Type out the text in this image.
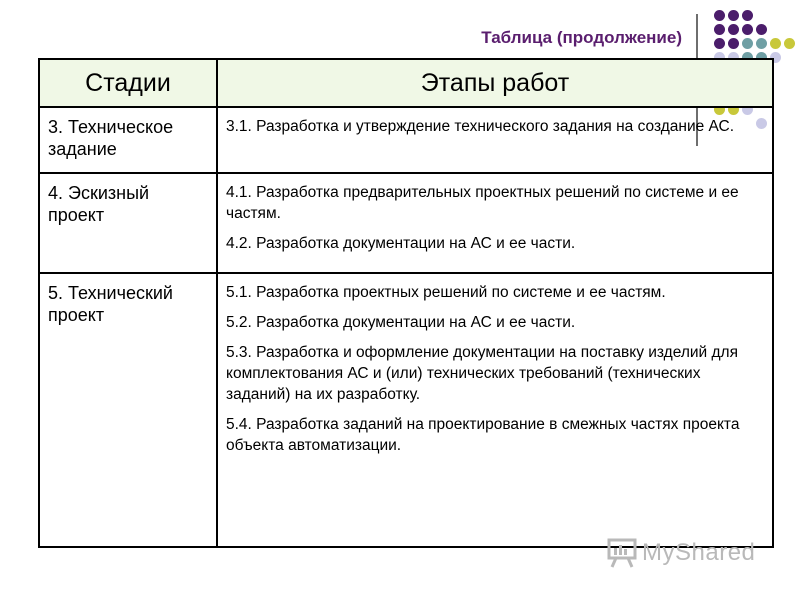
Таблица (продолжение)
Стадии	Этапы работ
3. Техническое задание	3.1. Разработка и утверждение технического задания на создание АС.

4. Эскизный проект	4.1. Разработка предварительных проектных решений по системе и ее частям.
4.2. Разработка документации на АС и ее части.

5. Технический проект	5.1. Разработка проектных решений по системе и ее частям.
5.2. Разработка документации на АС и ее части.
5.3. Разработка и оформление документации на поставку изделий для комплектования АС и (или) технических требований (технических заданий) на их разработку.
5.4. Разработка заданий на проектирование в смежных частях проекта объекта автоматизации.
MyShared
